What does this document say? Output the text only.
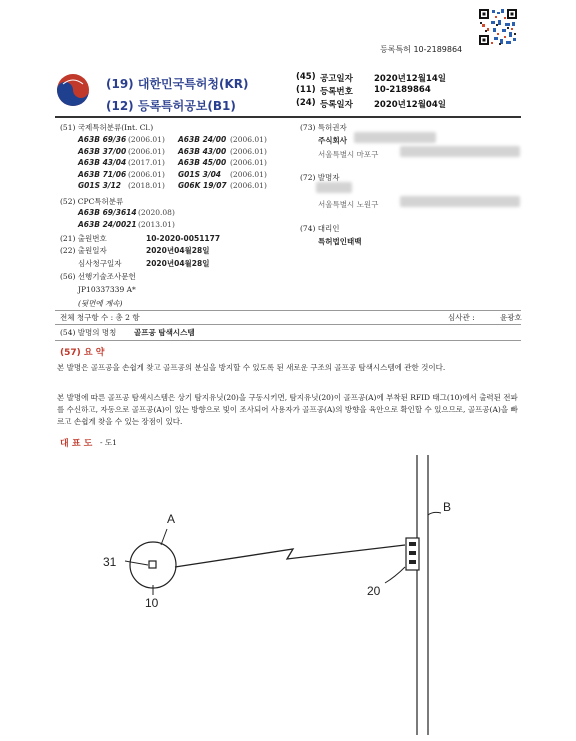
등록특허 10-2189864
(19) 대한민국특허청(KR)
(12) 등록특허공보(B1)
(45) 공고일자 2020년12월14일
(11) 등록번호 10-2189864
(24) 등록일자 2020년12월04일
(51) 국제특허분류(Int. Cl.)
A63B 69/36 (2006.01) A63B 24/00 (2006.01)
A63B 37/00 (2006.01) A63B 43/00 (2006.01)
A63B 43/04 (2017.01) A63B 45/00 (2006.01)
A63B 71/06 (2006.01) G01S 3/04 (2006.01)
G01S 3/12 (2018.01) G06K 19/07 (2006.01)
(52) CPC특허분류
A63B 69/3614 (2020.08)
A63B 24/0021 (2013.01)
(21) 출원번호	10-2020-0051177
(22) 출원일자	2020년04월28일
심사청구일자	2020년04월28일
(56) 선행기술조사문헌
JP10337339 A*
(뒷면에 계속)
(73) 특허권자
주식회사
서울특별시 마포구
(72) 발명자
서울특별시 노원구
(74) 대리인
특허법인태백
전체 청구항 수 : 총 2 항	심사관 :	윤광호
(54) 발명의 명칭 골프공 탐색시스템
(57) 요 약
본 발명은 골프공을 손쉽게 찾고 골프공의 분실을 방지할 수 있도록 된 새로운 구조의 골프공 탐색시스템에 관한 것이다.
본 발명에 따른 골프공 탐색시스템은 상기 탐지유닛(20)을 구동시키면, 탐지유닛(20)이 골프공(A)에 부착된 RFID 태그(10)에서 출력된 전파를 수신하고, 자동으로 골프공(A)이 있는 방향으로 빛이 조사되어 사용자가 골프공(A)의 방향을 육안으로 확인할 수 있으므로, 골프공(A)을 빠르고 손쉽게 찾을 수 있는 장점이 있다.
대 표 도 - 도1
A
31
10
B
20
